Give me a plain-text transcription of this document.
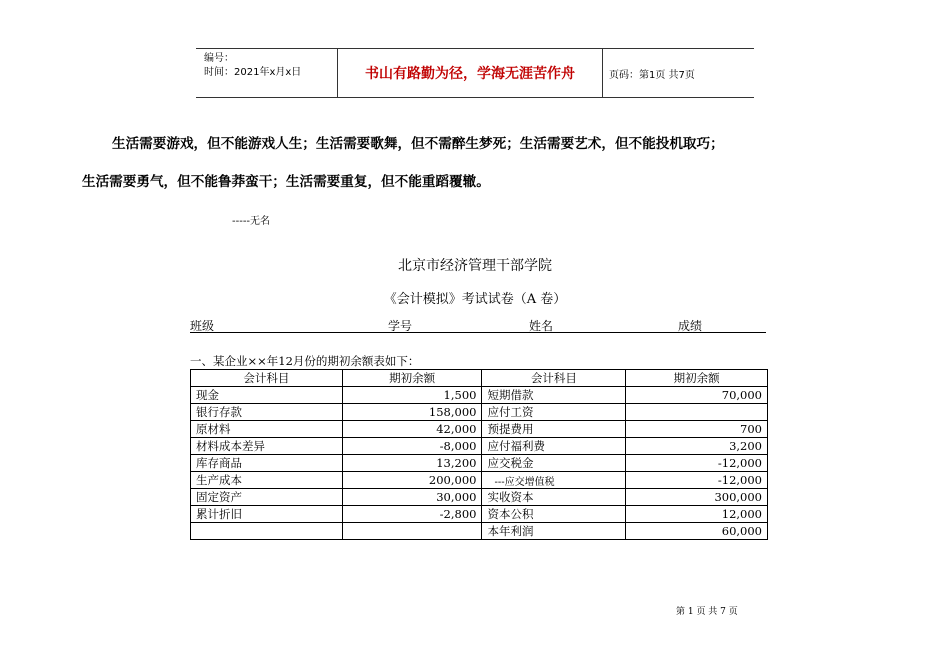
编号：
时间：2021年x月x日	书山有路勤为径，学海无涯苦作舟	页码：第1页 共7页
生活需要游戏，但不能游戏人生；生活需要歌舞，但不需醉生梦死；生活需要艺术，但不能投机取巧；
生活需要勇气，但不能鲁莽蛮干；生活需要重复，但不能重蹈覆辙。
-----无名
北京市经济管理干部学院
《会计模拟》考试试卷（A 卷）
班级	学号	姓名	成绩
一、某企业××年12月份的期初余额表如下：
会计科目	期初余额	会计科目	期初余额
现金	1,500	短期借款	70,000
银行存款	158,000	应付工资	
原材料	42,000	预提费用	700
材料成本差异	-8,000	应付福利费	3,200
库存商品	13,200	应交税金	-12,000
生产成本	200,000	---应交增值税	-12,000
固定资产	30,000	实收资本	300,000
累计折旧	-2,800	资本公积	12,000
		本年利润	60,000
第 1 页 共 7 页
